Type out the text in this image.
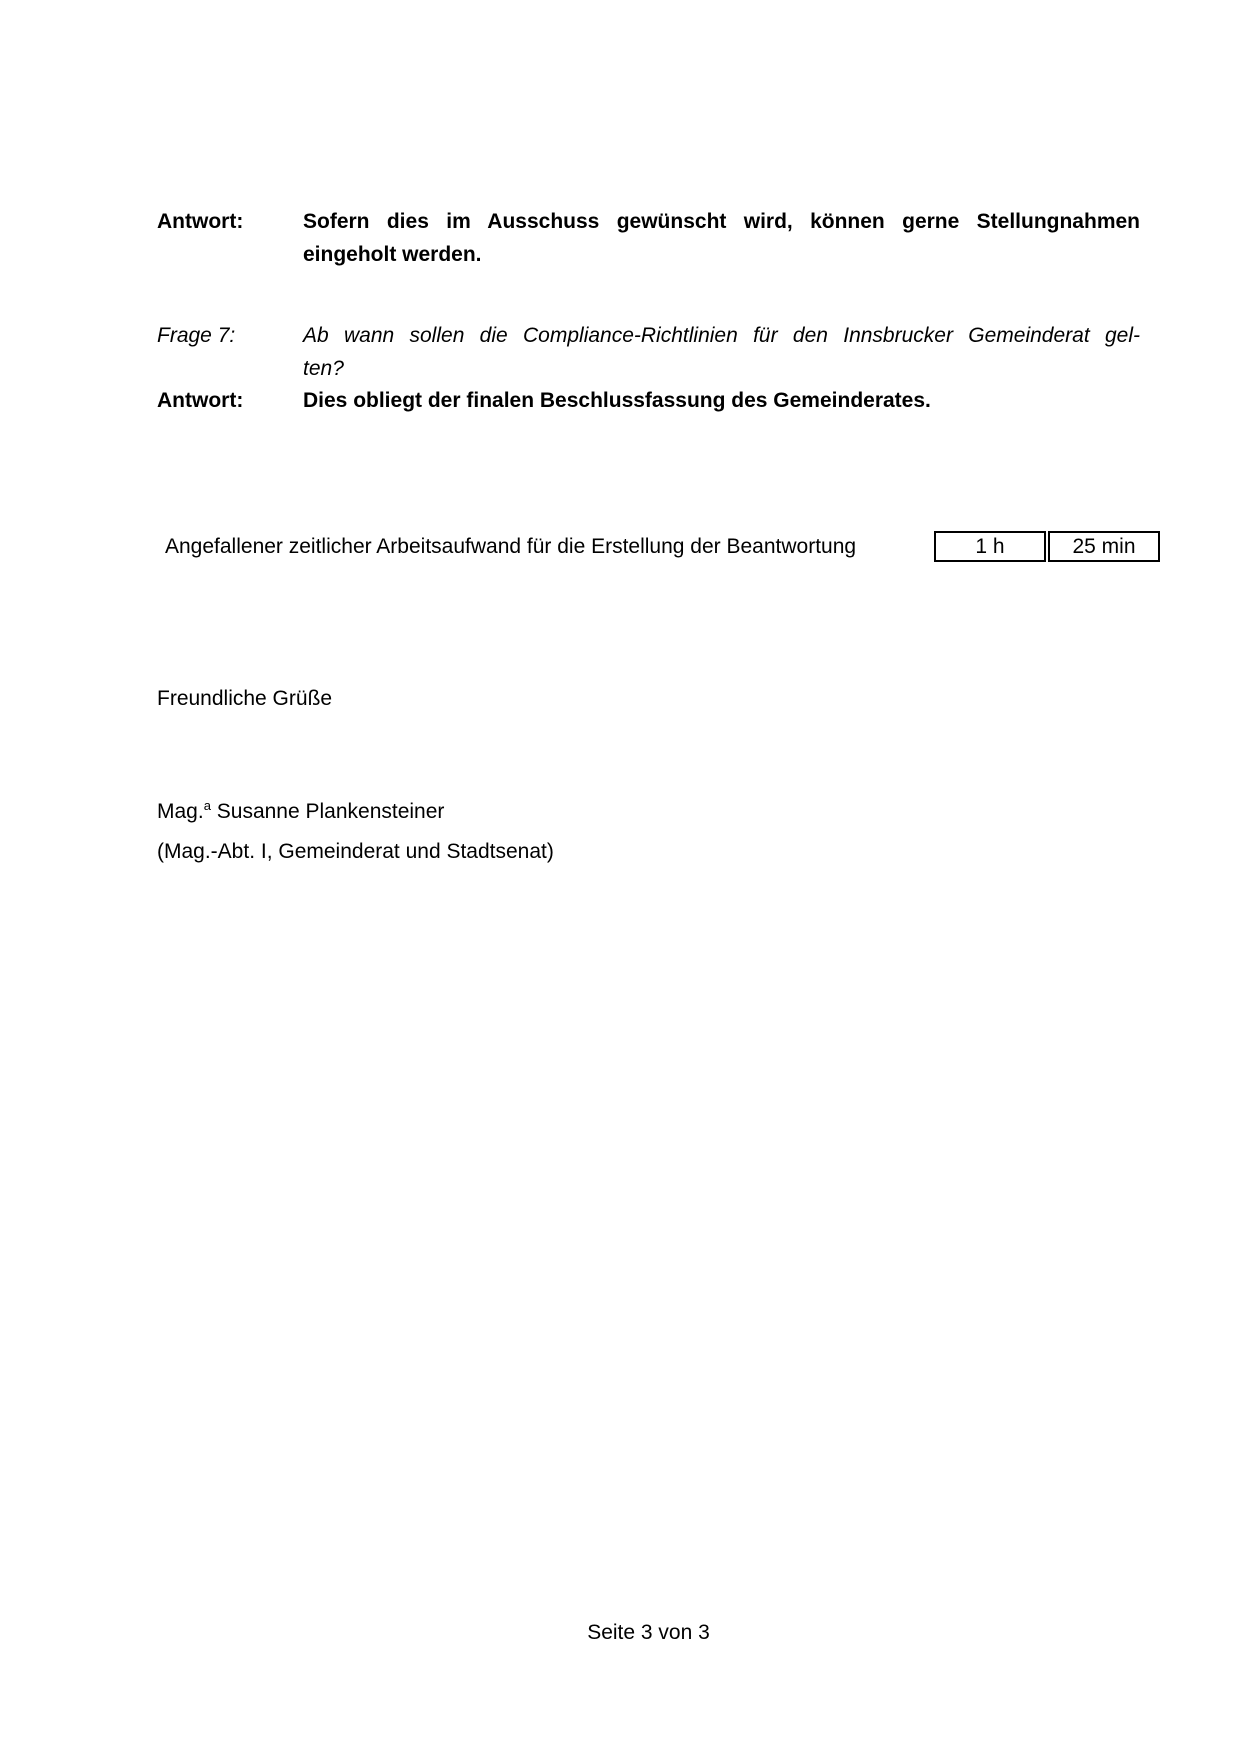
Antwort:	Sofern dies im Ausschuss gewünscht wird, können gerne Stellungnahmen
eingeholt werden.
Frage 7:	Ab wann sollen die Compliance-Richtlinien für den Innsbrucker Gemeinderat gel-
ten?
Antwort:	Dies obliegt der finalen Beschlussfassung des Gemeinderates.
Angefallener zeitlicher Arbeitsaufwand für die Erstellung der Beantwortung	1 h	25 min
Freundliche Grüße
Mag.$^a$ Susanne Plankensteiner
(Mag.-Abt. I, Gemeinderat und Stadtsenat)
Seite 3 von 3
